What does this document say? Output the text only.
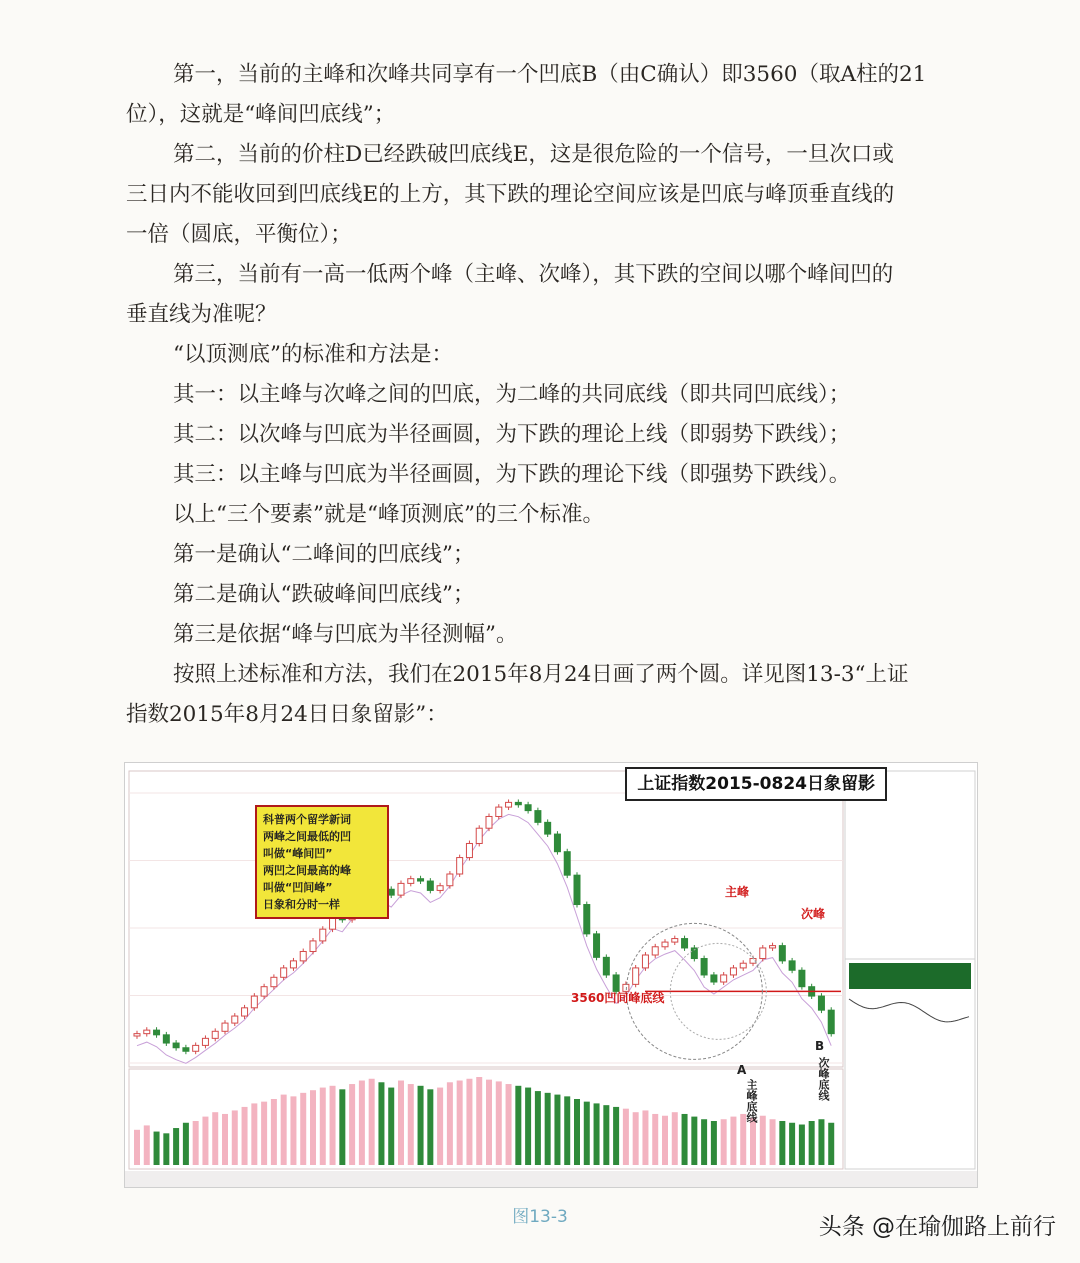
第一，当前的主峰和次峰共同享有一个凹底B（由C确认）即3560（取A柱的21
位），这就是“峰间凹底线”；
第二，当前的价柱D已经跌破凹底线E，这是很危险的一个信号，一旦次口或
三日内不能收回到凹底线E的上方，其下跌的理论空间应该是凹底与峰顶垂直线的
一倍（圆底，平衡位）；
第三，当前有一高一低两个峰（主峰、次峰），其下跌的空间以哪个峰间凹的
垂直线为准呢？
“以顶测底”的标准和方法是：
其一：以主峰与次峰之间的凹底，为二峰的共同底线（即共同凹底线）；
其二：以次峰与凹底为半径画圆，为下跌的理论上线（即弱势下跌线）；
其三：以主峰与凹底为半径画圆，为下跌的理论下线（即强势下跌线）。
以上“三个要素”就是“峰顶测底”的三个标准。
第一是确认“二峰间的凹底线”；
第二是确认“跌破峰间凹底线”；
第三是依据“峰与凹底为半径测幅”。
按照上述标准和方法，我们在2015年8月24日画了两个圆。详见图13-3“上证
指数2015年8月24日日象留影”：
上证指数2015-0824日象留影
科普两个留学新词
两峰之间最低的凹
叫做“峰间凹”
两凹之间最高的峰
叫做“凹间峰”
日象和分时一样
主峰
次峰
3560凹间峰底线
A
B
主峰底线	次峰底线
图13-3	头条 @在瑜伽路上前行
